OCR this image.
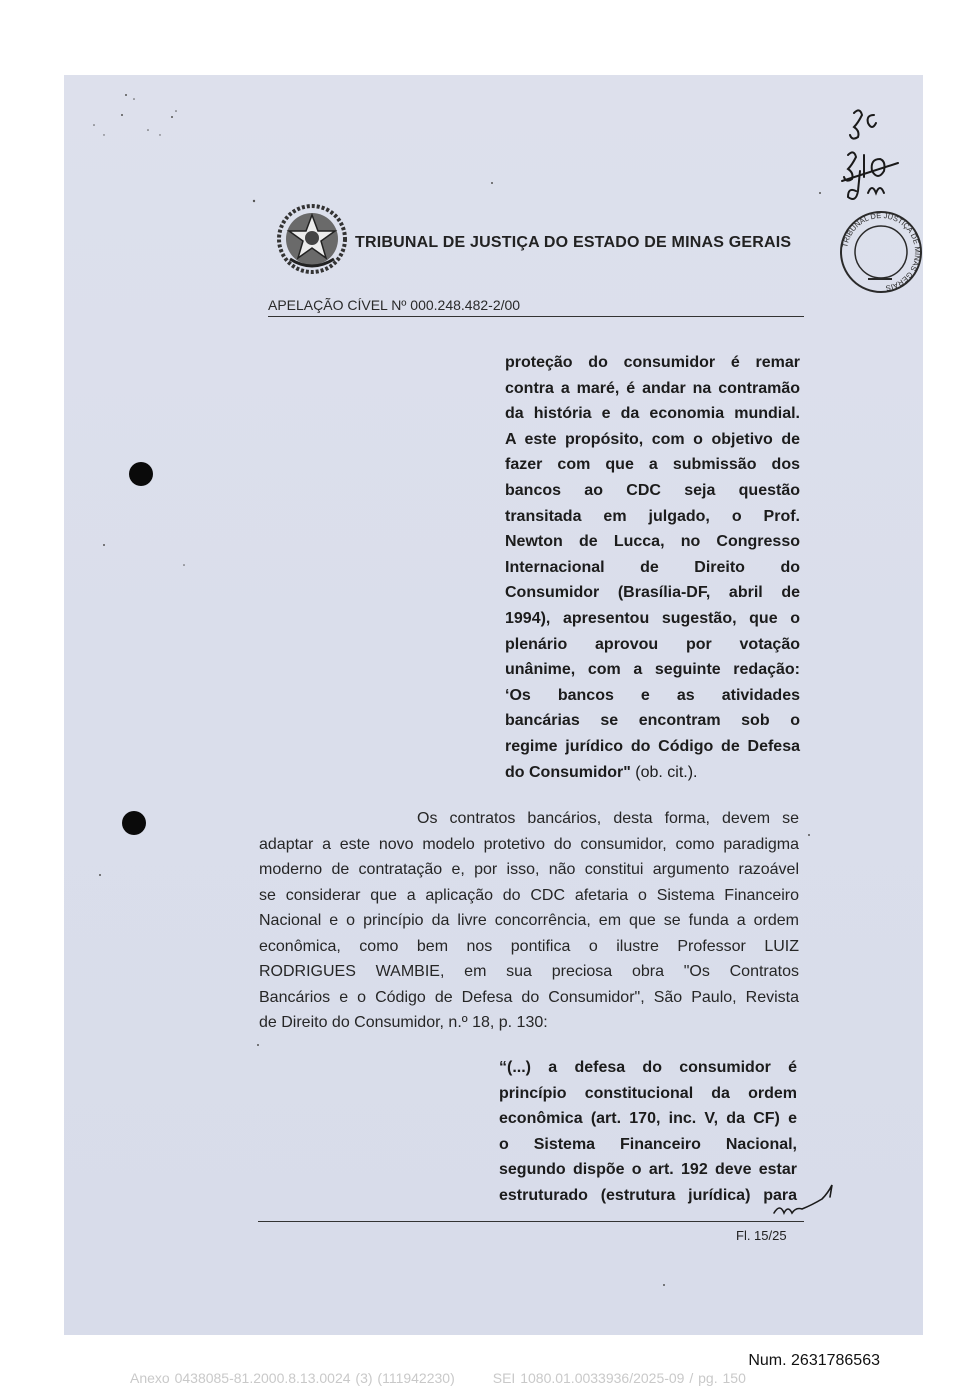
TRIBUNAL DE JUSTIÇA DO ESTADO DE MINAS GERAIS
APELAÇÃO CÍVEL Nº 000.248.482-2/00
TRIBUNAL DE JUSTIÇA DE MINAS GERAIS
proteção do consumidor é remar
contra a maré, é andar na contramão
da história e da economia mundial.
A este propósito, com o objetivo de
fazer com que a submissão dos
bancos ao CDC seja questão
transitada em julgado, o Prof.
Newton de Lucca, no Congresso
Internacional de Direito do
Consumidor (Brasília-DF, abril de
1994), apresentou sugestão, que o
plenário aprovou por votação
unânime, com a seguinte redação:
‘Os bancos e as atividades
bancárias se encontram sob o
regime jurídico do Código de Defesa
do Consumidor" (ob. cit.).
Os contratos bancários, desta forma, devem se
adaptar a este novo modelo protetivo do consumidor, como paradigma
moderno de contratação e, por isso, não constitui argumento razoável
se considerar que a aplicação do CDC afetaria o Sistema Financeiro
Nacional e o princípio da livre concorrência, em que se funda a ordem
econômica, como bem nos pontifica o ilustre Professor LUIZ
RODRIGUES WAMBIE, em sua preciosa obra "Os Contratos
Bancários e o Código de Defesa do Consumidor", São Paulo, Revista
de Direito do Consumidor, n.º 18, p. 130:
“(...) a defesa do consumidor é
princípio constitucional da ordem
econômica (art. 170, inc. V, da CF) e
o Sistema Financeiro Nacional,
segundo dispõe o art. 192 deve estar
estruturado (estrutura jurídica) para
Fl. 15/25
Num. 2631786563
Anexo 0438085-81.2000.8.13.0024 (3) (111942230)	SEI 1080.01.0033936/2025-09 / pg. 150
